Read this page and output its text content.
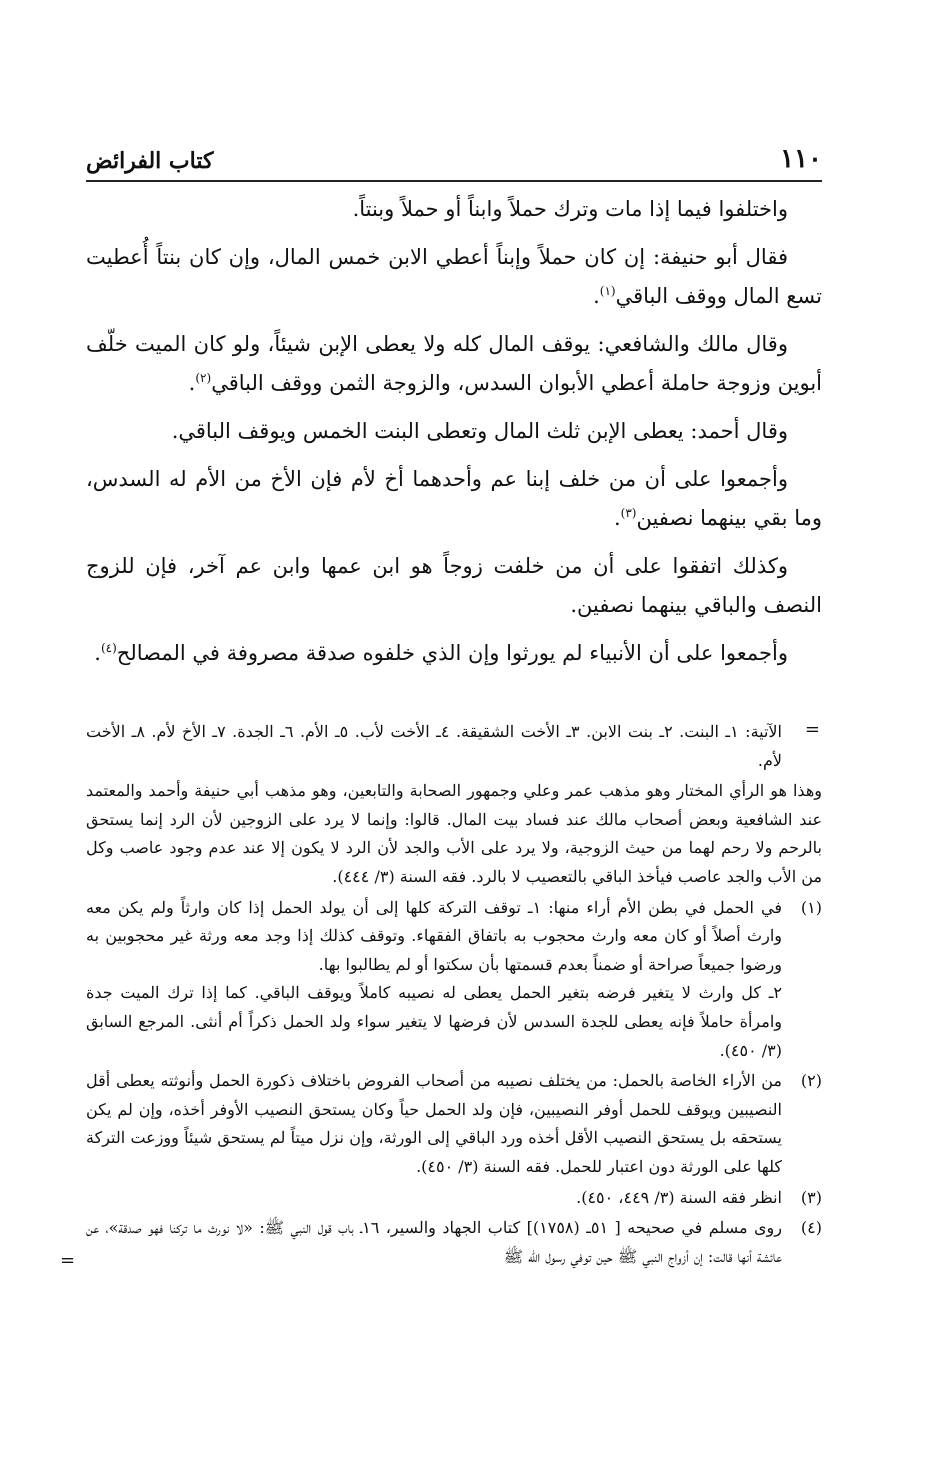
١١٠
كتاب الفرائض

واختلفوا فيما إذا مات وترك حملاً وابناً أو حملاً وبنتاً.

فقال أبو حنيفة: إن كان حملاً وإبناً أعطي الابن خمس المال، وإن كان بنتاً أُعطيت تسع المال ووقف الباقي$^{(١)}$.

وقال مالك والشافعي: يوقف المال كله ولا يعطى الإبن شيئاً، ولو كان الميت خلّف أبوين وزوجة حاملة أعطي الأبوان السدس، والزوجة الثمن ووقف الباقي$^{(٢)}$.

وقال أحمد: يعطى الإبن ثلث المال وتعطى البنت الخمس ويوقف الباقي.

وأجمعوا على أن من خلف إبنا عم وأحدهما أخ لأم فإن الأخ من الأم له السدس، وما بقي بينهما نصفين$^{(٣)}$.

وكذلك اتفقوا على أن من خلفت زوجاً هو ابن عمها وابن عم آخر، فإن للزوج النصف والباقي بينهما نصفين.

وأجمعوا على أن الأنبياء لم يورثوا وإن الذي خلفوه صدقة مصروفة في المصالح$^{(٤)}$.

=
الآتية: ١ـ البنت. ٢ـ بنت الابن. ٣ـ الأخت الشقيقة. ٤ـ الأخت لأب. ٥ـ الأم. ٦ـ الجدة. ٧ـ الأخ لأم. ٨ـ الأخت لأم.
وهذا هو الرأي المختار وهو مذهب عمر وعلي وجمهور الصحابة والتابعين، وهو مذهب أبي حنيفة وأحمد والمعتمد عند الشافعية وبعض أصحاب مالك عند فساد بيت المال. قالوا: وإنما لا يرد على الزوجين لأن الرد إنما يستحق بالرحم ولا رحم لهما من حيث الزوجية، ولا يرد على الأب والجد لأن الرد لا يكون إلا عند عدم وجود عاصب وكل من الأب والجد عاصب فيأخذ الباقي بالتعصيب لا بالرد. فقه السنة (٣/ ٤٤٤).
(١)
في الحمل في بطن الأم أراء منها: ١ـ توقف التركة كلها إلى أن يولد الحمل إذا كان وارثاً ولم يكن معه وارث أصلاً أو كان معه وارث محجوب به باتفاق الفقهاء. وتوقف كذلك إذا وجد معه ورثة غير محجوبين به ورضوا جميعاً صراحة أو ضمناً بعدم قسمتها بأن سكتوا أو لم يطالبوا بها.
٢ـ كل وارث لا يتغير فرضه بتغير الحمل يعطى له نصيبه كاملاً ويوقف الباقي. كما إذا ترك الميت جدة وامرأة حاملاً فإنه يعطى للجدة السدس لأن فرضها لا يتغير سواء ولد الحمل ذكراً أم أنثى. المرجع السابق (٣/ ٤٥٠).
(٢)
من الأراء الخاصة بالحمل: من يختلف نصيبه من أصحاب الفروض باختلاف ذكورة الحمل وأنوثته يعطى أقل النصيبين ويوقف للحمل أوفر النصيبين، فإن ولد الحمل حياً وكان يستحق النصيب الأوفر أخذه، وإن لم يكن يستحقه بل يستحق النصيب الأقل أخذه ورد الباقي إلى الورثة، وإن نزل ميتاً لم يستحق شيئاً ووزعت التركة كلها على الورثة دون اعتبار للحمل. فقه السنة (٣/ ٤٥٠).
(٣)
انظر فقه السنة (٣/ ٤٤٩، ٤٥٠).
(٤)
روى مسلم في صحيحه [ ٥١ـ (١٧٥٨)] كتاب الجهاد والسير، ١٦ـ باب قول النبي ﷺ: «لا نورث ما تركنا فهو صدقة»، عن عائشة أنها قالت: إن أزواج النبي ﷺ حين توفي رسول الله ﷺ
=
